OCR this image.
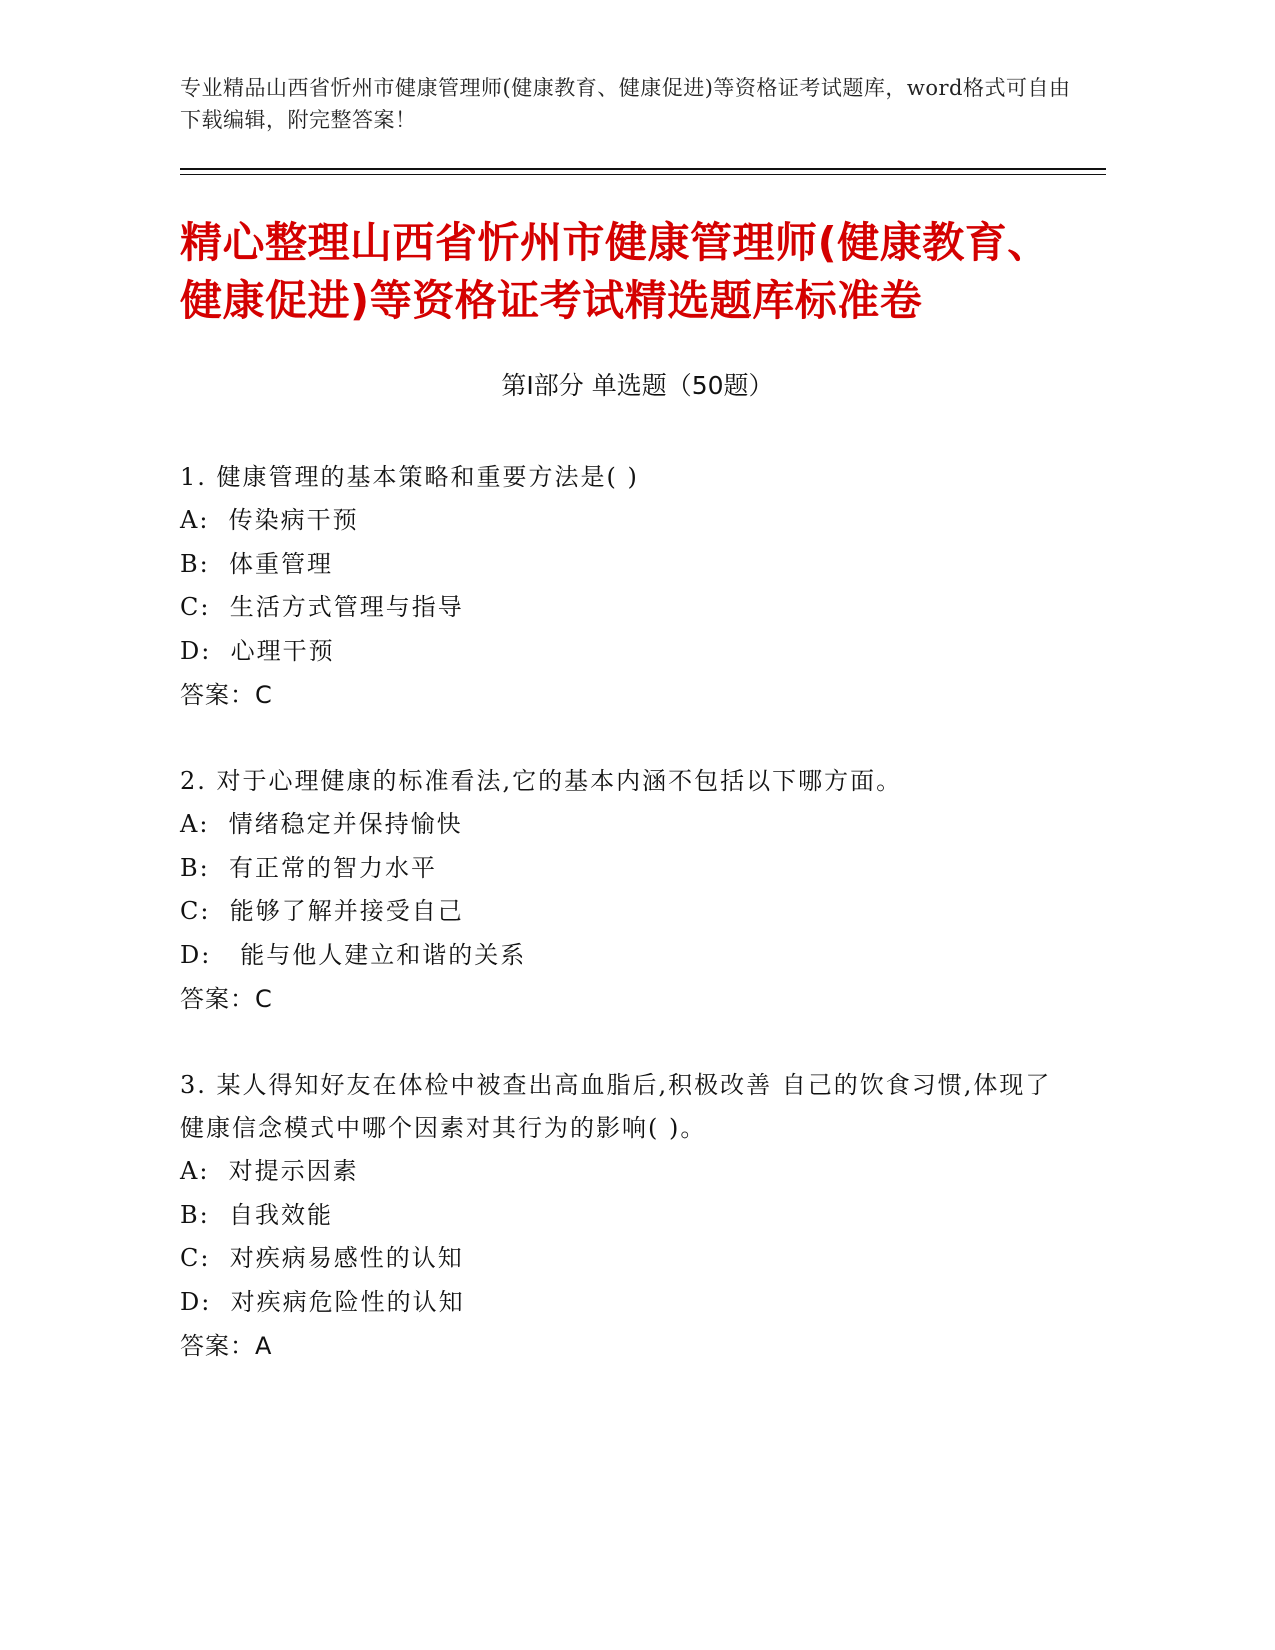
专业精品山西省忻州市健康管理师(健康教育、健康促进)等资格证考试题库，word格式可自由下载编辑，附完整答案！
精心整理山西省忻州市健康管理师(健康教育、健康促进)等资格证考试精选题库标准卷
第Ⅰ部分 单选题（50题）
1. 健康管理的基本策略和重要方法是( )
A:  传染病干预
B:  体重管理
C:  生活方式管理与指导
D:  心理干预
答案：C
2. 对于心理健康的标准看法,它的基本内涵不包括以下哪方面。
A:  情绪稳定并保持愉快
B:  有正常的智力水平
C:  能够了解并接受自己
D:   能与他人建立和谐的关系
答案：C
3. 某人得知好友在体检中被查出高血脂后,积极改善 自己的饮食习惯,体现了健康信念模式中哪个因素对其行为的影响( )。
A:  对提示因素
B:  自我效能
C:  对疾病易感性的认知
D:  对疾病危险性的认知
答案：A
